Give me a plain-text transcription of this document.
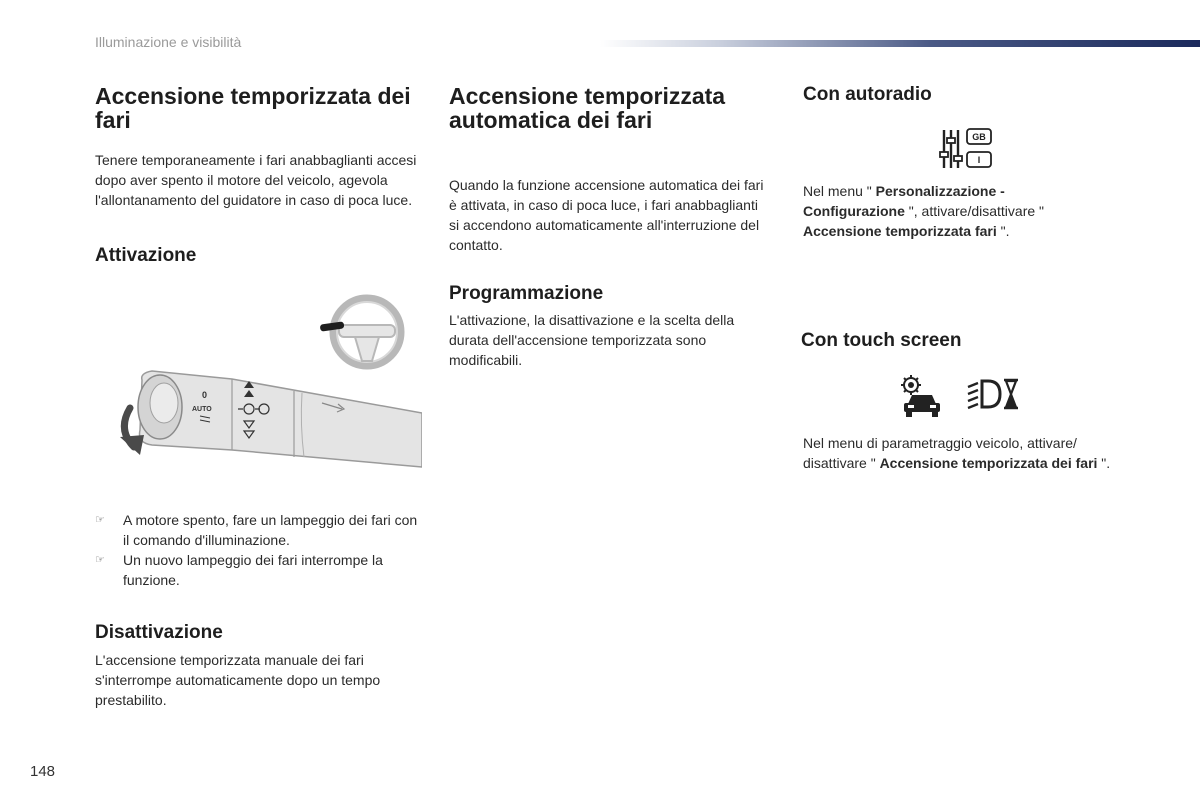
Illuminazione e visibilità
Accensione temporizzata dei fari

Tenere temporaneamente i fari anabbaglianti accesi dopo aver spento il motore del veicolo, agevola l'allontanamento del guidatore in caso di poca luce.

Attivazione
0
AUTO
☞ A motore spento, fare un lampeggio dei fari con il comando d'illuminazione.
☞ Un nuovo lampeggio dei fari interrompe la funzione.
Disattivazione

L'accensione temporizzata manuale dei fari s'interrompe automaticamente dopo un tempo prestabilito.

Accensione temporizzata automatica dei fari

Quando la funzione accensione automatica dei fari è attivata, in caso di poca luce, i fari anabbaglianti si accendono automaticamente all'interruzione del contatto.

Programmazione

L'attivazione, la disattivazione e la scelta della durata dell'accensione temporizzata sono modificabili.

Con autoradio
GB
I

Nel menu " Personalizzazione - Configurazione ", attivare/disattivare " Accensione temporizzata fari ".

Con touch screen

Nel menu di parametraggio veicolo, attivare/ disattivare " Accensione temporizzata dei fari ".

148
